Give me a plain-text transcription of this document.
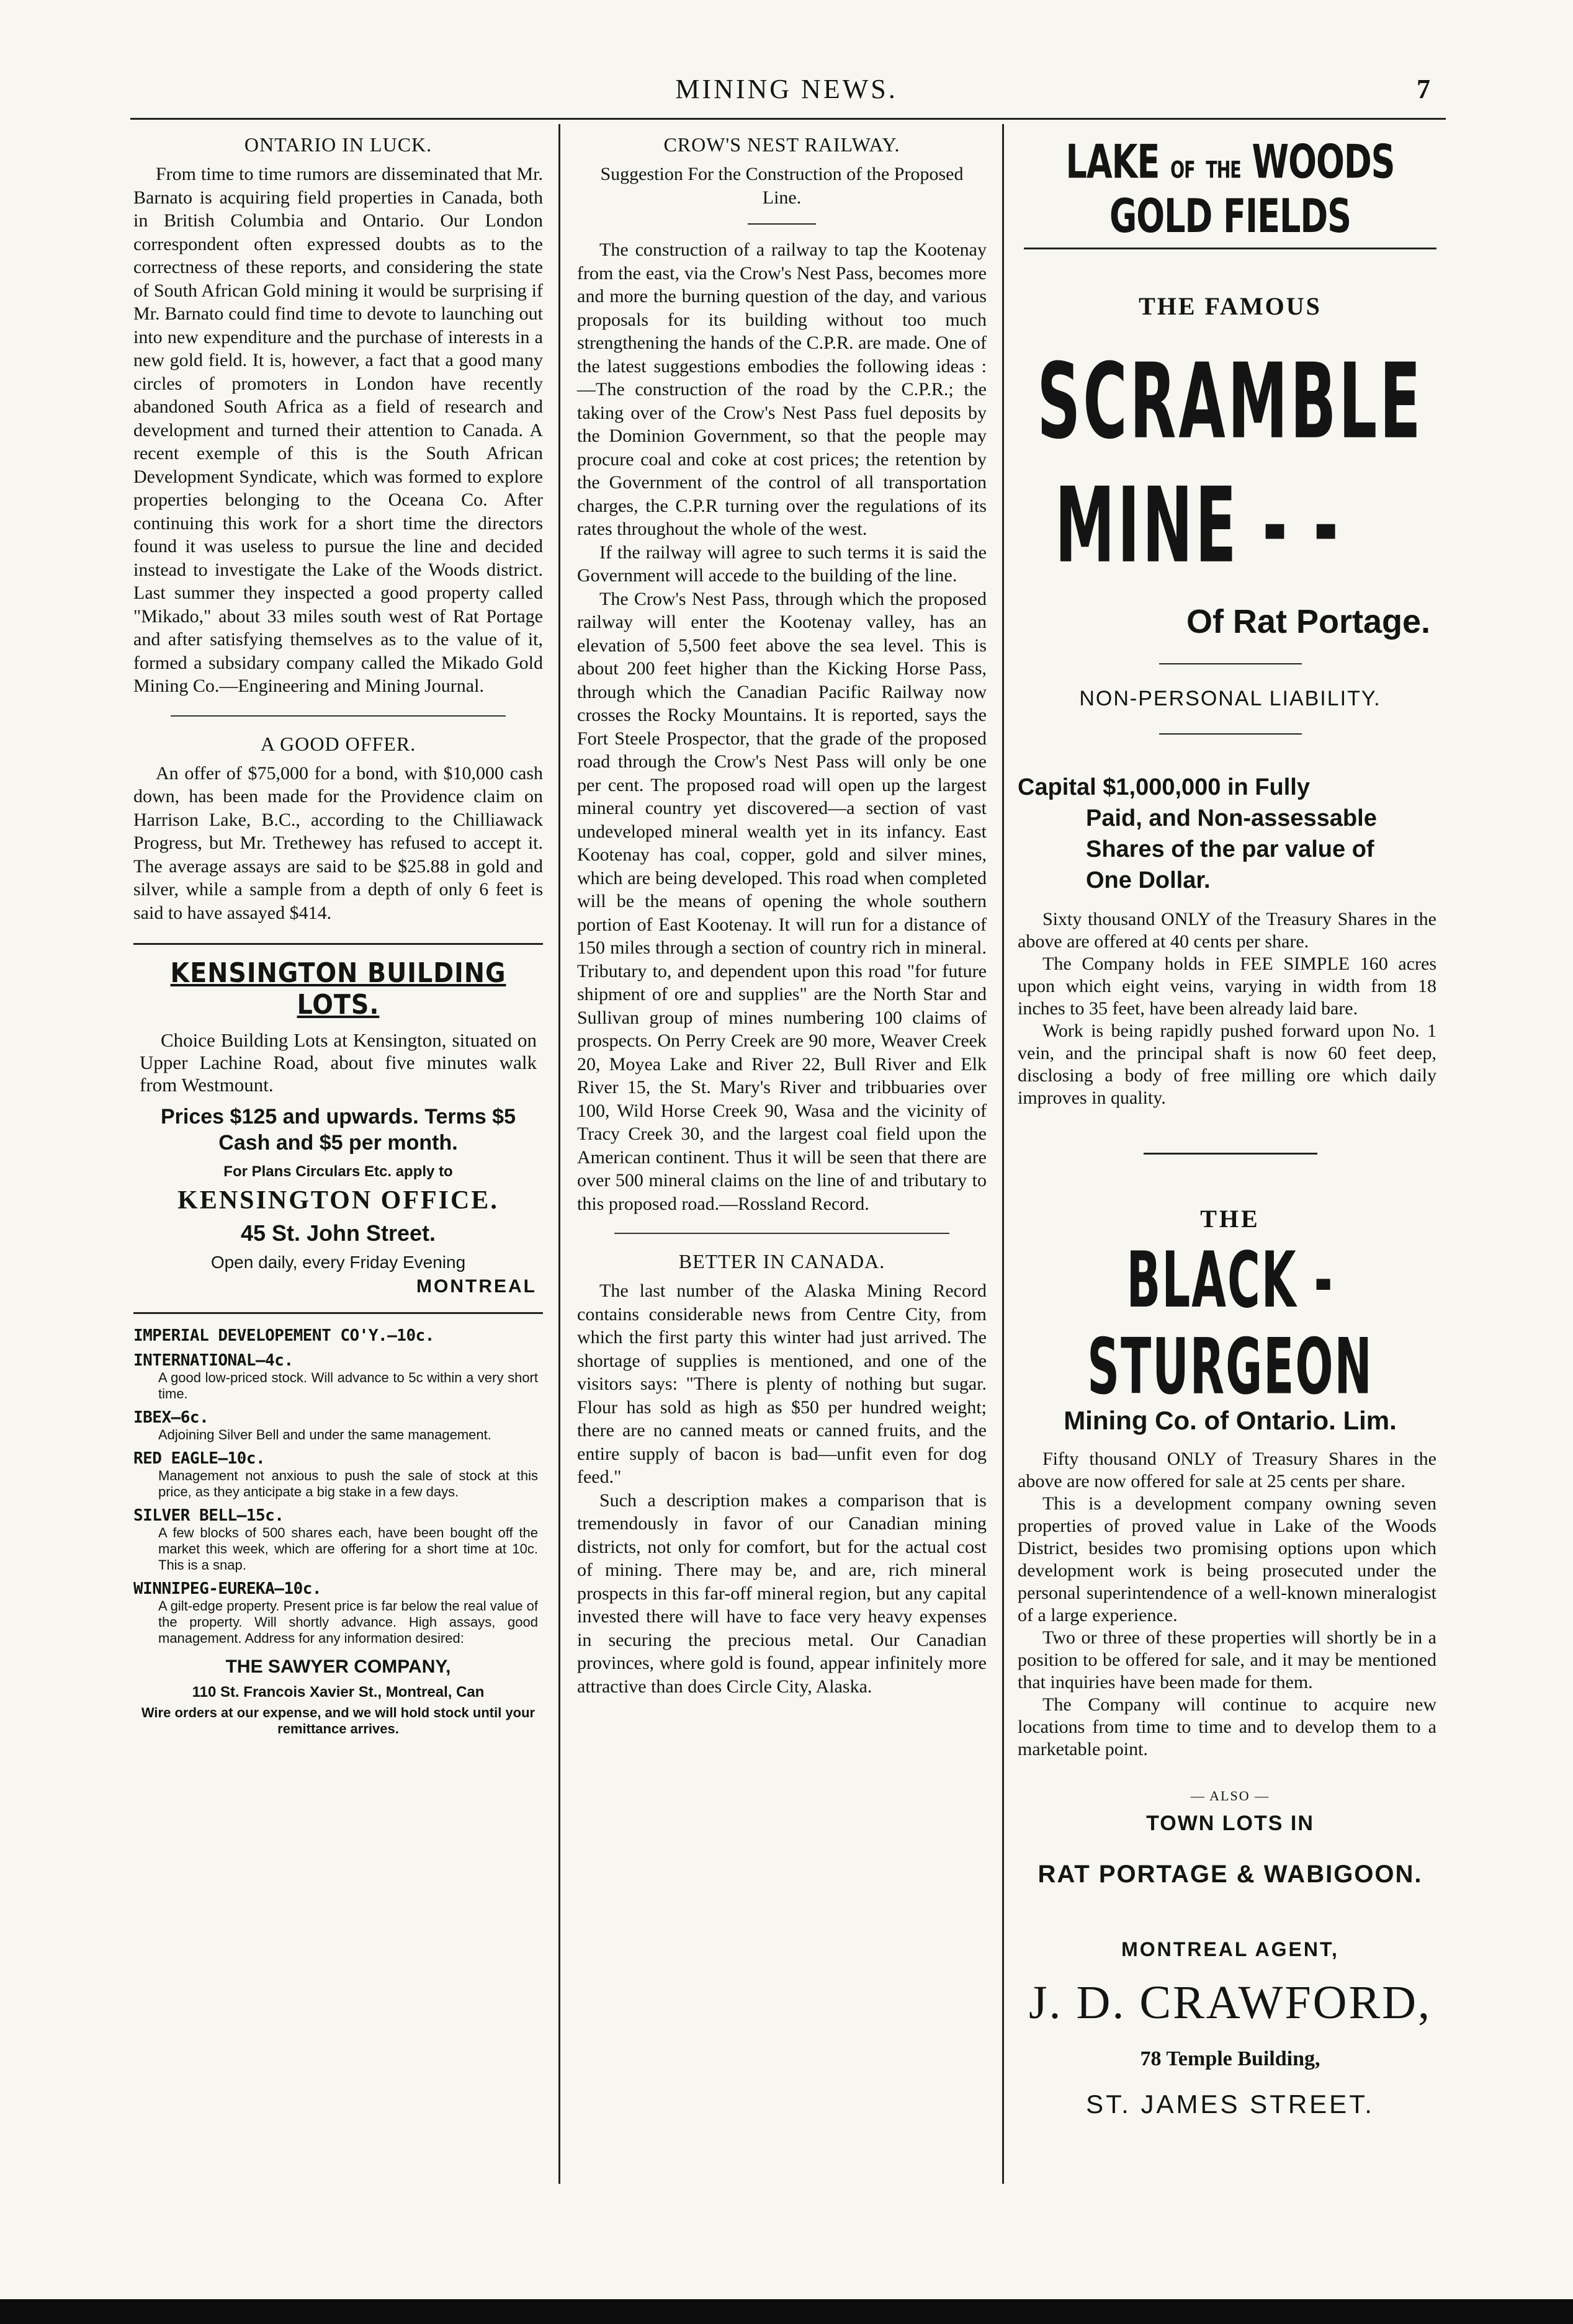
MINING NEWS.	7
ONTARIO IN LUCK.

From time to time rumors are disseminated that Mr. Barnato is acquiring field properties in Canada, both in British Columbia and Ontario. Our London correspondent often expressed doubts as to the correctness of these reports, and considering the state of South African Gold mining it would be surprising if Mr. Barnato could find time to devote to launching out into new expenditure and the purchase of interests in a new gold field. It is, however, a fact that a good many circles of promoters in London have recently abandoned South Africa as a field of research and development and turned their attention to Canada. A recent exemple of this is the South African Development Syndicate, which was formed to explore properties belonging to the Oceana Co. After continuing this work for a short time the directors found it was useless to pursue the line and decided instead to investigate the Lake of the Woods district. Last summer they inspected a good property called "Mikado," about 33 miles south west of Rat Portage and after satisfying themselves as to the value of it, formed a subsidary company called the Mikado Gold Mining Co.—Engineering and Mining Journal.

A GOOD OFFER.

An offer of $75,000 for a bond, with $10,000 cash down, has been made for the Providence claim on Harrison Lake, B.C., according to the Chilliawack Progress, but Mr. Trethewey has refused to accept it. The average assays are said to be $25.88 in gold and silver, while a sample from a depth of only 6 feet is said to have assayed $414.

KENSINGTON BUILDING LOTS.
Choice Building Lots at Kensington, situated on Upper Lachine Road, about five minutes walk from Westmount.
Prices $125 and upwards. Terms $5 Cash and $5 per month.
For Plans Circulars Etc. apply to
KENSINGTON OFFICE.
45 St. John Street.
Open daily, every Friday Evening
MONTREAL
IMPERIAL DEVELOPEMENT CO'Y.—10c.
INTERNATIONAL—4c.
A good low-priced stock. Will advance to 5c within a very short time.
IBEX—6c.
Adjoining Silver Bell and under the same management.
RED EAGLE—10c.
Management not anxious to push the sale of stock at this price, as they anticipate a big stake in a few days.
SILVER BELL—15c.
A few blocks of 500 shares each, have been bought off the market this week, which are offering for a short time at 10c. This is a snap.
WINNIPEG-EUREKA—10c.
A gilt-edge property. Present price is far below the real value of the property. Will shortly advance. High assays, good management. Address for any information desired:
THE SAWYER COMPANY,
110 St. Francois Xavier St., Montreal, Can
Wire orders at our expense, and we will hold stock until your remittance arrives.
CROW'S NEST RAILWAY.
Suggestion For the Construction of the Proposed Line.

The construction of a railway to tap the Kootenay from the east, via the Crow's Nest Pass, becomes more and more the burning question of the day, and various proposals for its building without too much strengthening the hands of the C.P.R. are made. One of the latest suggestions embodies the following ideas :—The construction of the road by the C.P.R.; the taking over of the Crow's Nest Pass fuel deposits by the Dominion Government, so that the people may procure coal and coke at cost prices; the retention by the Government of the control of all transportation charges, the C.P.R turning over the regulations of its rates throughout the whole of the west.

If the railway will agree to such terms it is said the Government will accede to the building of the line.

The Crow's Nest Pass, through which the proposed railway will enter the Kootenay valley, has an elevation of 5,500 feet above the sea level. This is about 200 feet higher than the Kicking Horse Pass, through which the Canadian Pacific Railway now crosses the Rocky Mountains. It is reported, says the Fort Steele Prospector, that the grade of the proposed road through the Crow's Nest Pass will only be one per cent. The proposed road will open up the largest mineral country yet discovered—a section of vast undeveloped mineral wealth yet in its infancy. East Kootenay has coal, copper, gold and silver mines, which are being developed. This road when completed will be the means of opening the whole southern portion of East Kootenay. It will run for a distance of 150 miles through a section of country rich in mineral. Tributary to, and dependent upon this road "for future shipment of ore and supplies" are the North Star and Sullivan group of mines numbering 100 claims of prospects. On Perry Creek are 90 more, Weaver Creek 20, Moyea Lake and River 22, Bull River and Elk River 15, the St. Mary's River and tribbuaries over 100, Wild Horse Creek 90, Wasa and the vicinity of Tracy Creek 30, and the largest coal field upon the American continent. Thus it will be seen that there are over 500 mineral claims on the line of and tributary to this proposed road.—Rossland Record.

BETTER IN CANADA.

The last number of the Alaska Mining Record contains considerable news from Centre City, from which the first party this winter had just arrived. The shortage of supplies is mentioned, and one of the visitors says: "There is plenty of nothing but sugar. Flour has sold as high as $50 per hundred weight; there are no canned meats or canned fruits, and the entire supply of bacon is bad—unfit even for dog feed."

Such a description makes a comparison that is tremendously in favor of our Canadian mining districts, not only for comfort, but for the actual cost of mining. There may be, and are, rich mineral prospects in this far-off mineral region, but any capital invested there will have to face very heavy expenses in securing the precious metal. Our Canadian provinces, where gold is found, appear infinitely more attractive than does Circle City, Alaska.

LAKE OF THE WOODS GOLD FIELDS
THE FAMOUS
SCRAMBLE
MINE - -
Of Rat Portage.
NON-PERSONAL LIABILITY.
Capital $1,000,000 in Fully
Paid, and Non-assessable
Shares of the par value of
One Dollar.
Sixty thousand ONLY of the Treasury Shares in the above are offered at 40 cents per share.
The Company holds in FEE SIMPLE 160 acres upon which eight veins, varying in width from 18 inches to 35 feet, have been already laid bare.
Work is being rapidly pushed forward upon No. 1 vein, and the principal shaft is now 60 feet deep, disclosing a body of free milling ore which daily improves in quality.
THE
BLACK - STURGEON
Mining Co. of Ontario. Lim.
Fifty thousand ONLY of Treasury Shares in the above are now offered for sale at 25 cents per share.
This is a development company owning seven properties of proved value in Lake of the Woods District, besides two promising options upon which development work is being prosecuted under the personal superintendence of a well-known mineralogist of a large experience.
Two or three of these properties will shortly be in a position to be offered for sale, and it may be mentioned that inquiries have been made for them.
The Company will continue to acquire new locations from time to time and to develop them to a marketable point.
— ALSO —
TOWN LOTS IN
RAT PORTAGE & WABIGOON.
MONTREAL AGENT,
J. D. CRAWFORD,
78 Temple Building,
ST. JAMES STREET.
